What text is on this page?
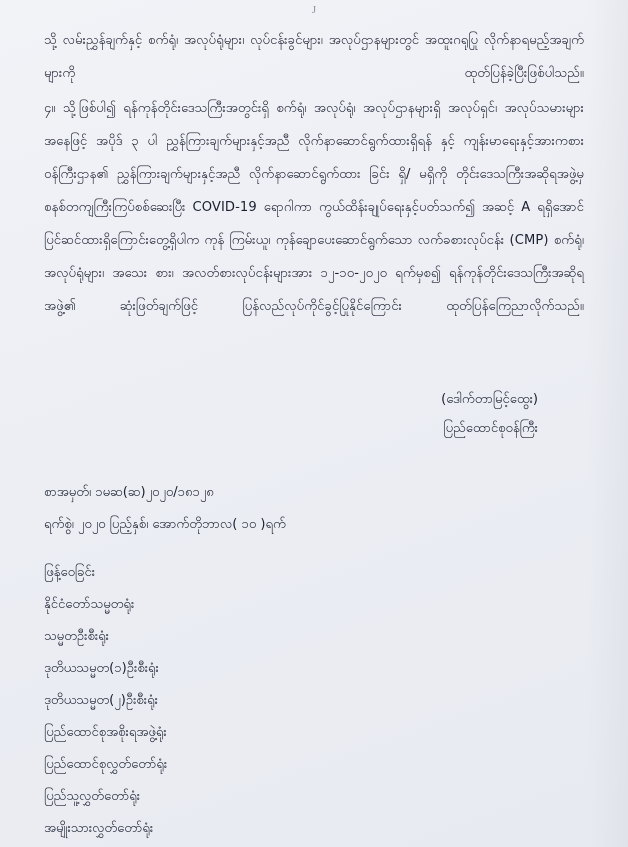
J

သို့ လမ်းညွှန်ချက်နှင့် စက်ရုံ၊ အလုပ်ရုံများ၊ လုပ်ငန်းခွင်များ၊ အလုပ်ဌာနများတွင် အထူးဂရုပြု လိုက်နာရမည့်အချက်များကို ထုတ်ပြန်ခဲ့ပြီးဖြစ်ပါသည်။

၄။ သို့ဖြစ်ပါ၍ ရန်ကုန်တိုင်းဒေသကြီးအတွင်းရှိ စက်ရုံ၊ အလုပ်ရုံ၊ အလုပ်ဌာနများရှိ အလုပ်ရှင်၊ အလုပ်သမားများအနေဖြင့် အပိုဒ် ၃ ပါ ညွှန်ကြားချက်များနှင့်အညီ လိုက်နာဆောင်ရွက်ထားရှိရန် နှင့် ကျန်းမာရေးနှင့်အားကစားဝန်ကြီးဌာန၏ ညွှန်ကြားချက်များနှင့်အညီ လိုက်နာဆောင်ရွက်ထား ခြင်း ရှိ/ မရှိကို တိုင်းဒေသကြီးအဆိုရအဖွဲ့မှ စနစ်တကျကြီးကြပ်စစ်ဆေးပြီး COVID-19 ရောဂါကာ ကွယ်ထိန်းချုပ်ရေးနှင့်ပတ်သက်၍ အဆင့် A ရရှိအောင် ပြင်ဆင်ထားရှိကြောင်းတွေ့ရှိပါက ကုန် ကြမ်းယူ၊ ကုန်ချောပေးဆောင်ရွက်သော လက်ခစားလုပ်ငန်း (CMP) စက်ရုံ၊ အလုပ်ရုံများ၊ အသေး စား၊ အလတ်စားလုပ်ငန်းများအား ၁၂-၁၀-၂၀၂၀ ရက်မှစ၍ ရန်ကုန်တိုင်းဒေသကြီးအဆိုရအဖွဲ့၏ ဆုံးဖြတ်ချက်ဖြင့် ပြန်လည်လုပ်ကိုင်ခွင့်ပြုနိုင်ကြောင်း ထုတ်ပြန်ကြေညာလိုက်သည်။

(ဒေါက်တာမြင့်ထွေး)
ပြည်ထောင်စုဝန်ကြီး
စာအမှတ်၊ ၁မဆ(ဆ)၂၀၂၀/၁၈၁၂၈
ရက်စွဲ၊ ၂၀၂၀ ပြည့်နှစ်၊ အောက်တိုဘာလ( ၁၀ )ရက်
ဖြန့်ဝေခြင်း
နိုင်ငံတော်သမ္မတရုံး
သမ္မတဦးစီးရုံး
ဒုတိယသမ္မတ(၁)ဦးစီးရုံး
ဒုတိယသမ္မတ(၂)ဦးစီးရုံး
ပြည်ထောင်စုအစိုးရအဖွဲ့ရုံး
ပြည်ထောင်စုလွှတ်တော်ရုံး
ပြည်သူ့လွှတ်တော်ရုံး
အမျိုးသားလွှတ်တော်ရုံး
